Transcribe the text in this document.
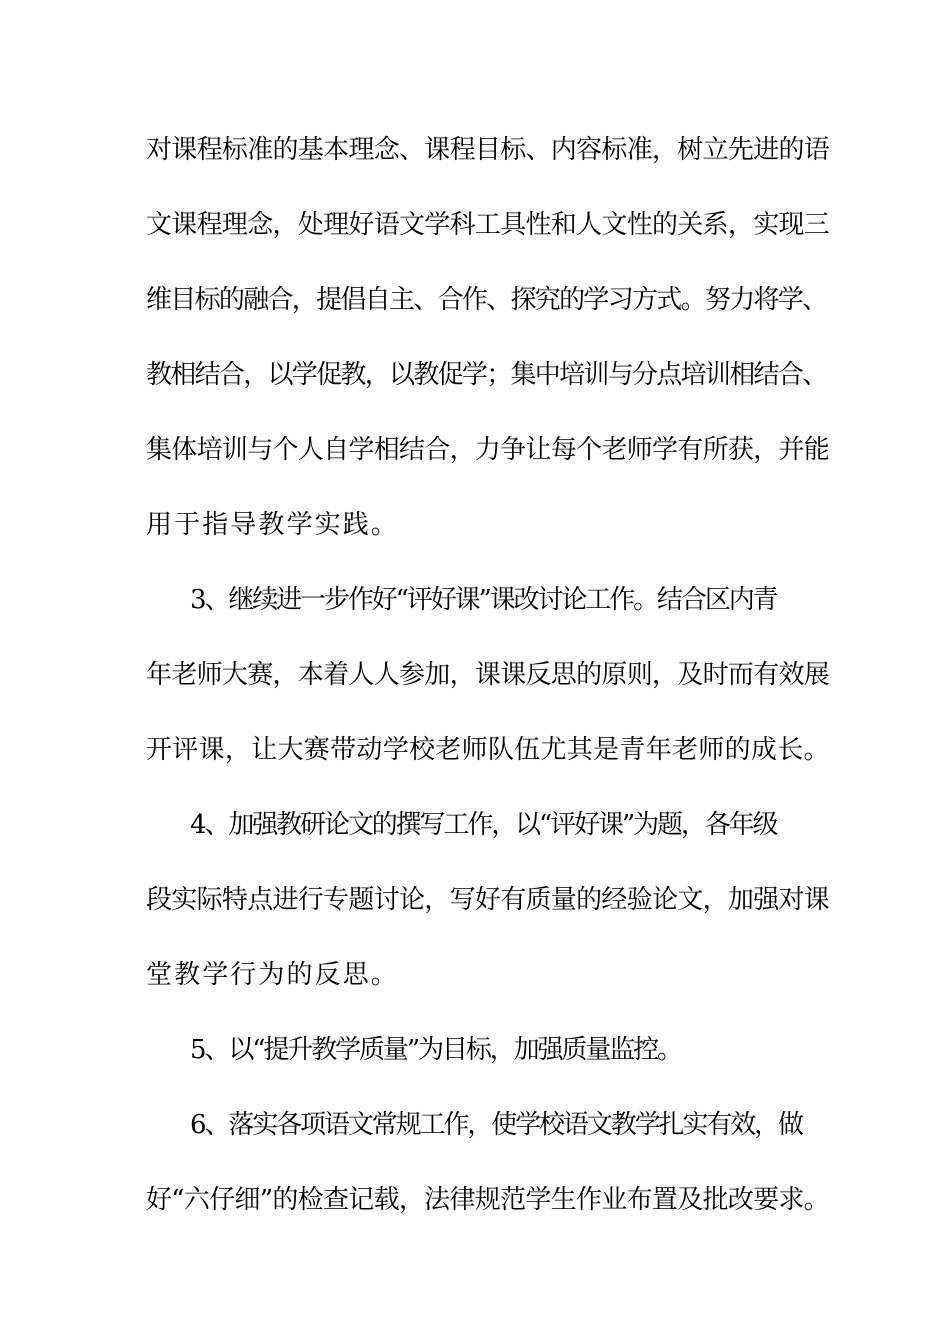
对课程标准的基本理念、课程目标、内容标准，树立先进的语
文课程理念，处理好语文学科工具性和人文性的关系，实现三
维目标的融合，提倡自主、合作、探究的学习方式。努力将学、
教相结合，以学促教，以教促学；集中培训与分点培训相结合、
集体培训与个人自学相结合，力争让每个老师学有所获，并能
用于指导教学实践。
3、继续进一步作好“评好课”课改讨论工作。结合区内青
年老师大赛，本着人人参加，课课反思的原则，及时而有效展
开评课，让大赛带动学校老师队伍尤其是青年老师的成长。
4、加强教研论文的撰写工作，以“评好课”为题，各年级
段实际特点进行专题讨论，写好有质量的经验论文，加强对课
堂教学行为的反思。
5、以“提升教学质量”为目标，加强质量监控。
6、落实各项语文常规工作，使学校语文教学扎实有效，做
好“六仔细”的检查记载，法律规范学生作业布置及批改要求。
